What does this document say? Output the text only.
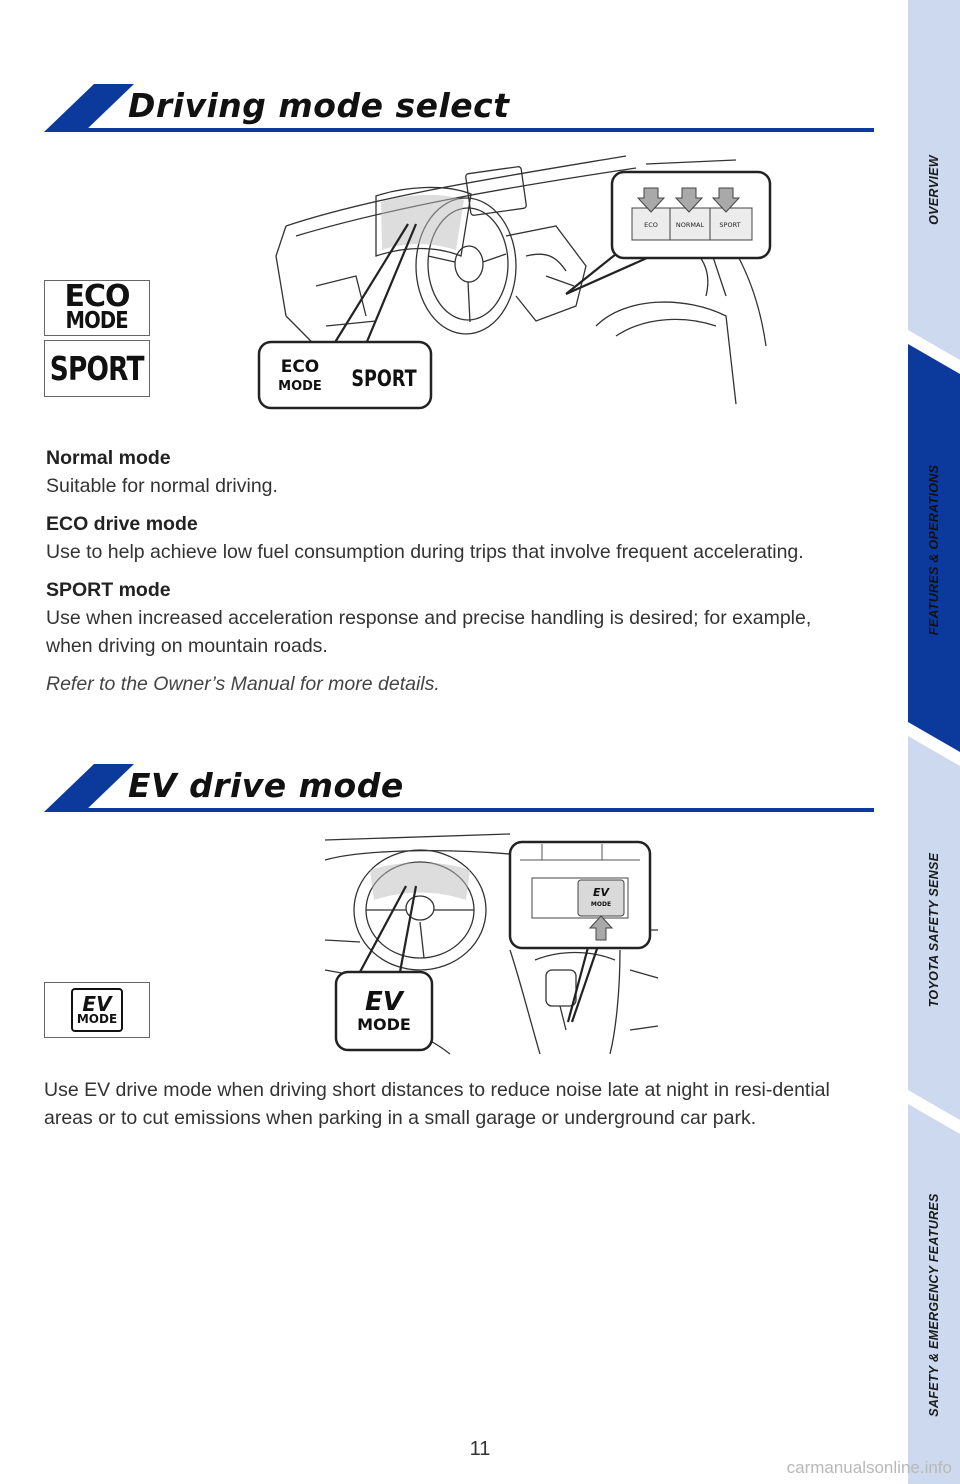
Driving mode select
ECO
MODE
SPORT
ECO	NORMAL SPORT
ECO
MODE SPORT
Normal mode

Suitable for normal driving.

ECO drive mode

Use to help achieve low fuel consumption during trips that involve frequent accelerating.

SPORT mode

Use when increased acceleration response and precise handling is desired; for example, when driving on mountain roads.

Refer to the Owner’s Manual for more details.

EV drive mode
EV
MODE
EV
MODE
EV
MODE
Use EV drive mode when driving short distances to reduce noise late at night in resi-dential areas or to cut emissions when parking in a small garage or underground car park.
OVERVIEW
FEATURES & OPERATIONS
TOYOTA SAFETY SENSE
SAFETY & EMERGENCY FEATURES
11
carmanualsonline.info
